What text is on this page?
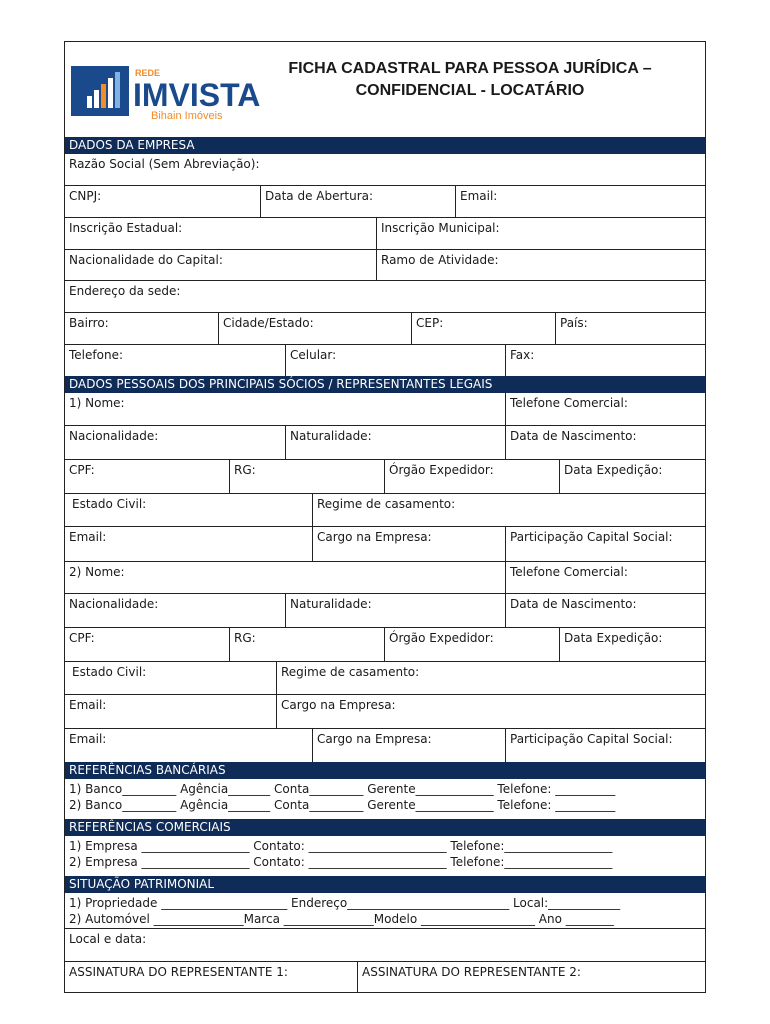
REDE
IMVISTA
Bihain Imóveis
FICHA CADASTRAL PARA PESSOA JURÍDICA –
CONFIDENCIAL - LOCATÁRIO
DADOS DA EMPRESA
Razão Social (Sem Abreviação):
CNPJ:	Data de Abertura:	Email:
Inscrição Estadual:	Inscrição Municipal:
Nacionalidade do Capital:	Ramo de Atividade:
Endereço da sede:
Bairro:	Cidade/Estado:	CEP:	País:
Telefone:	Celular:	Fax:
DADOS PESSOAIS DOS PRINCIPAIS SÓCIOS / REPRESENTANTES LEGAIS
1) Nome:	Telefone Comercial:
Nacionalidade:	Naturalidade:	Data de Nascimento:
CPF:	RG:	Órgão Expedidor:	Data Expedição:
Estado Civil:	Regime de casamento:
Email:	Cargo na Empresa:	Participação Capital Social:
2) Nome:	Telefone Comercial:
Nacionalidade:	Naturalidade:	Data de Nascimento:
CPF:	RG:	Órgão Expedidor:	Data Expedição:
Estado Civil:	Regime de casamento:
Email:	Cargo na Empresa:
Email:	Cargo na Empresa:	Participação Capital Social:
REFERÊNCIAS BANCÁRIAS
1) Banco_________ Agência_______ Conta_________ Gerente_____________ Telefone: __________
2) Banco_________ Agência_______ Conta_________ Gerente_____________ Telefone: __________
REFERÊNCIAS COMERCIAIS
1) Empresa __________________ Contato: _______________________ Telefone:__________________
2) Empresa __________________ Contato: _______________________ Telefone:__________________
SITUAÇÃO PATRIMONIAL
1) Propriedade _____________________ Endereço___________________________ Local:____________
2) Automóvel _______________Marca _______________Modelo ___________________ Ano ________
Local e data:
ASSINATURA DO REPRESENTANTE 1:	ASSINATURA DO REPRESENTANTE 2:
